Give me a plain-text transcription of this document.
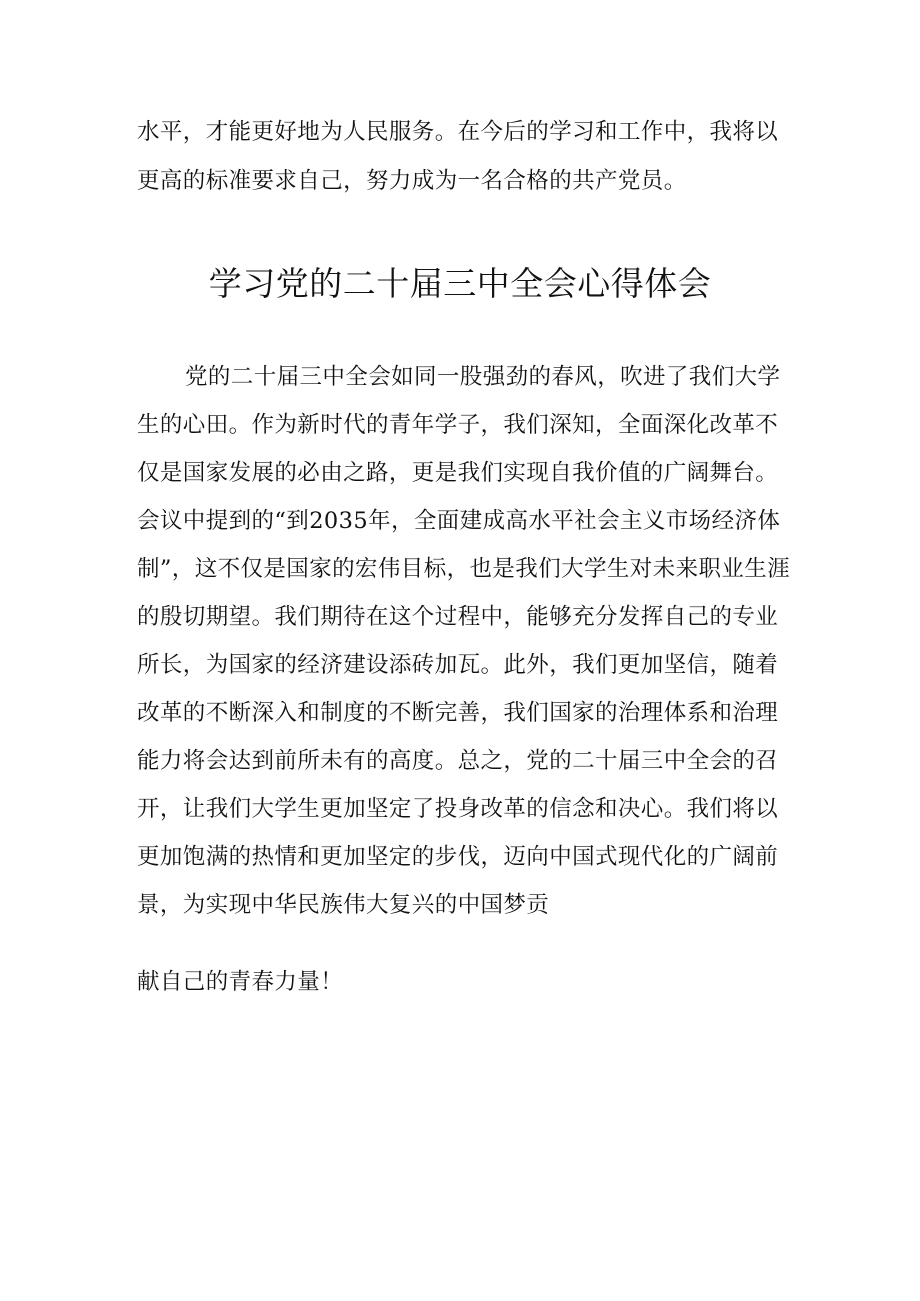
水平，才能更好地为人民服务。在今后的学习和工作中，我将以
更高的标准要求自己，努力成为一名合格的共产党员。
学习党的二十届三中全会心得体会
党的二十届三中全会如同一股强劲的春风，吹进了我们大学
生的心田。作为新时代的青年学子，我们深知，全面深化改革不
仅是国家发展的必由之路，更是我们实现自我价值的广阔舞台。
会议中提到的“到2035年，全面建成高水平社会主义市场经济体
制”，这不仅是国家的宏伟目标，也是我们大学生对未来职业生涯
的殷切期望。我们期待在这个过程中，能够充分发挥自己的专业
所长，为国家的经济建设添砖加瓦。此外，我们更加坚信，随着
改革的不断深入和制度的不断完善，我们国家的治理体系和治理
能力将会达到前所未有的高度。总之，党的二十届三中全会的召
开，让我们大学生更加坚定了投身改革的信念和决心。我们将以
更加饱满的热情和更加坚定的步伐，迈向中国式现代化的广阔前
景，为实现中华民族伟大复兴的中国梦贡
献自己的青春力量！
